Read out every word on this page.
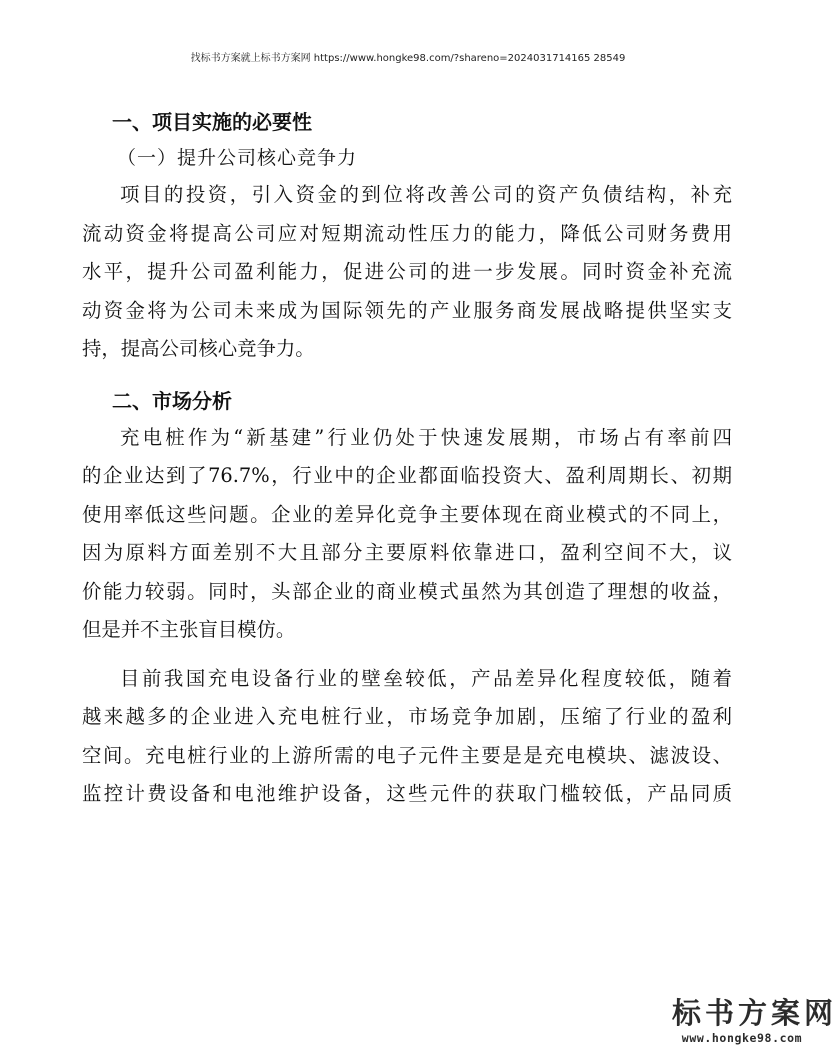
找标书方案就上标书方案网 https://www.hongke98.com/?shareno=2024031714165 28549
一、项目实施的必要性
（一）提升公司核心竞争力
项目的投资，引入资金的到位将改善公司的资产负债结构，补充
流动资金将提高公司应对短期流动性压力的能力，降低公司财务费用
水平，提升公司盈利能力，促进公司的进一步发展。同时资金补充流
动资金将为公司未来成为国际领先的产业服务商发展战略提供坚实支
持，提高公司核心竞争力。
二、市场分析
充电桩作为“新基建”行业仍处于快速发展期，市场占有率前四
的企业达到了76.7%，行业中的企业都面临投资大、盈利周期长、初期
使用率低这些问题。企业的差异化竞争主要体现在商业模式的不同上，
因为原料方面差别不大且部分主要原料依靠进口，盈利空间不大，议
价能力较弱。同时，头部企业的商业模式虽然为其创造了理想的收益，
但是并不主张盲目模仿。
目前我国充电设备行业的壁垒较低，产品差异化程度较低，随着
越来越多的企业进入充电桩行业，市场竞争加剧，压缩了行业的盈利
空间。充电桩行业的上游所需的电子元件主要是是充电模块、滤波设、
监控计费设备和电池维护设备，这些元件的获取门槛较低，产品同质
标书方案网
www.hongke98.com
